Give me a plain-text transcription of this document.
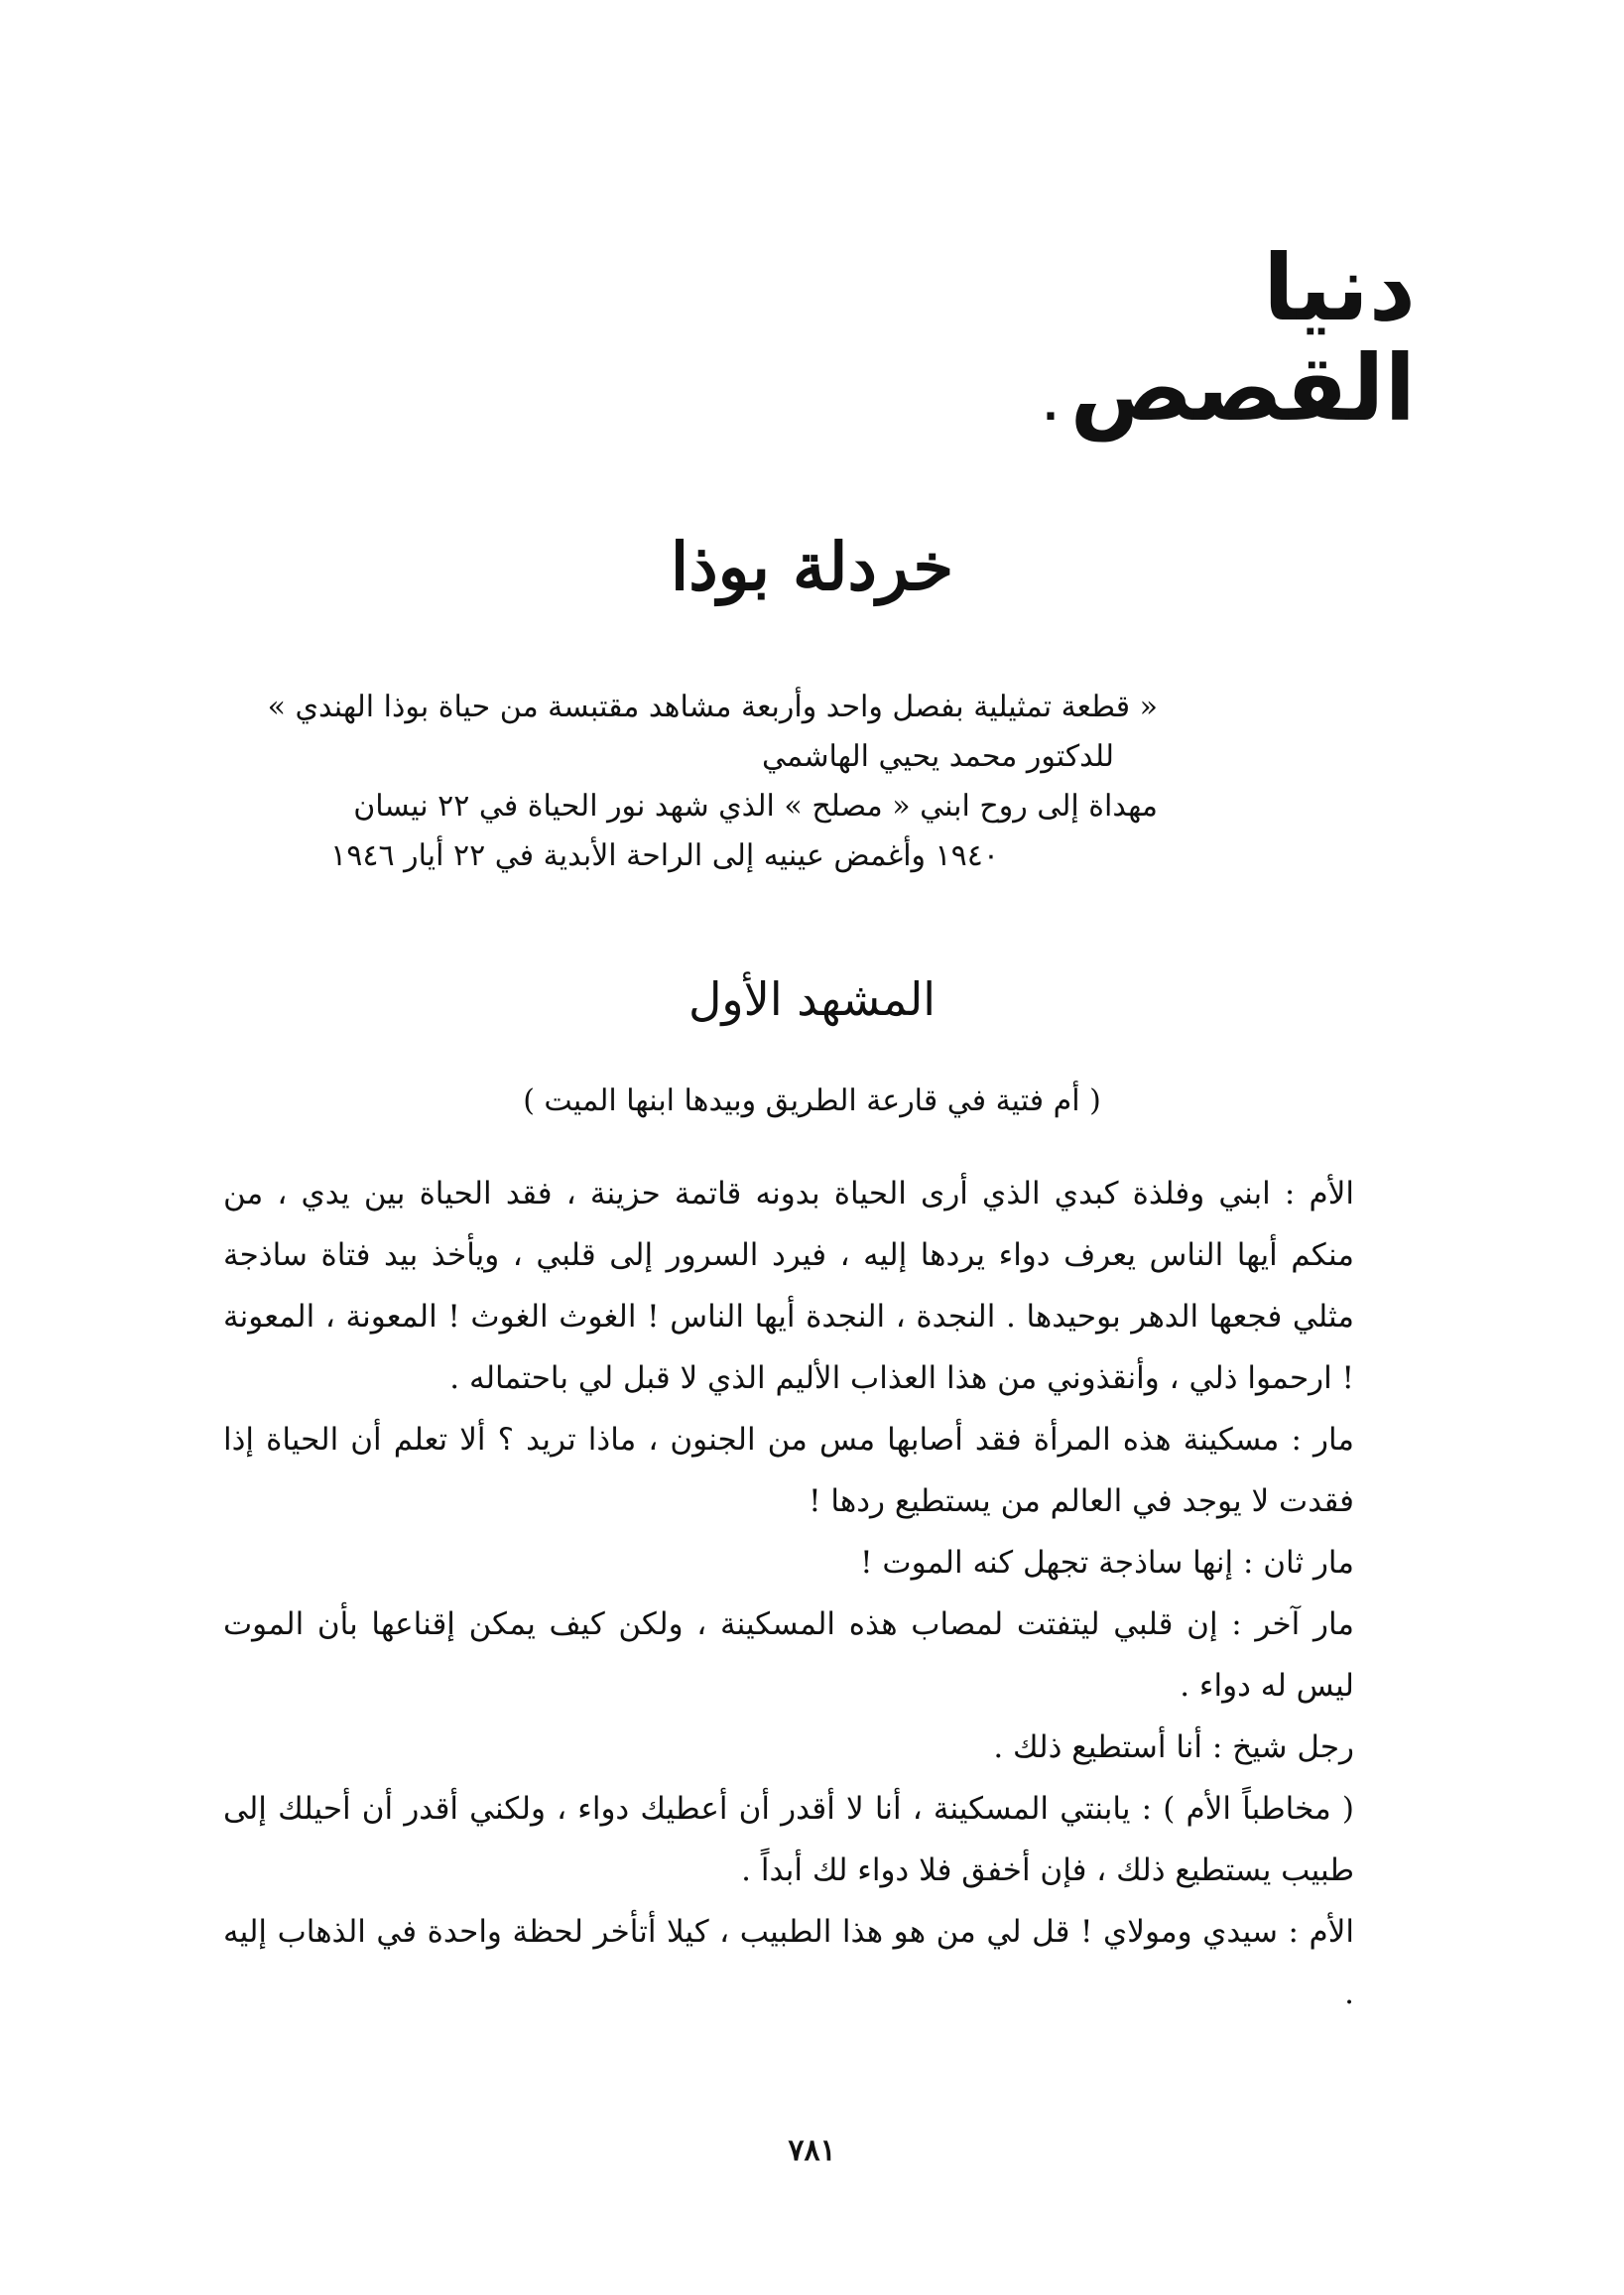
دنيا القصص.
خردلة بوذا
« قطعة تمثيلية بفصل واحد وأربعة مشاهد مقتبسة من حياة بوذا الهندي »
للدكتور محمد يحيي الهاشمي
مهداة إلى روح ابني « مصلح » الذي شهد نور الحياة في ٢٢ نيسان
١٩٤٠ وأغمض عينيه إلى الراحة الأبدية في ٢٢ أيار ١٩٤٦
المشهد الأول
( أم فتية في قارعة الطريق وبيدها ابنها الميت )

الأم : ابني وفلذة كبدي الذي أرى الحياة بدونه قاتمة حزينة ، فقد الحياة بين يدي ، من منكم أيها الناس يعرف دواء يردها إليه ، فيرد السرور إلى قلبي ، ويأخذ بيد فتاة ساذجة مثلي فجعها الدهر بوحيدها . النجدة ، النجدة أيها الناس ! الغوث الغوث ! المعونة ، المعونة ! ارحموا ذلي ، وأنقذوني من هذا العذاب الأليم الذي لا قبل لي باحتماله .

مار : مسكينة هذه المرأة فقد أصابها مس من الجنون ، ماذا تريد ؟ ألا تعلم أن الحياة إذا فقدت لا يوجد في العالم من يستطيع ردها !

مار ثان : إنها ساذجة تجهل كنه الموت !

مار آخر : إن قلبي ليتفتت لمصاب هذه المسكينة ، ولكن كيف يمكن إقناعها بأن الموت ليس له دواء .

رجل شيخ : أنا أستطيع ذلك .

( مخاطباً الأم ) : يابنتي المسكينة ، أنا لا أقدر أن أعطيك دواء ، ولكني أقدر أن أحيلك إلى طبيب يستطيع ذلك ، فإن أخفق فلا دواء لك أبداً .

الأم : سيدي ومولاي ! قل لي من هو هذا الطبيب ، كيلا أتأخر لحظة واحدة في الذهاب إليه .

٧٨١
